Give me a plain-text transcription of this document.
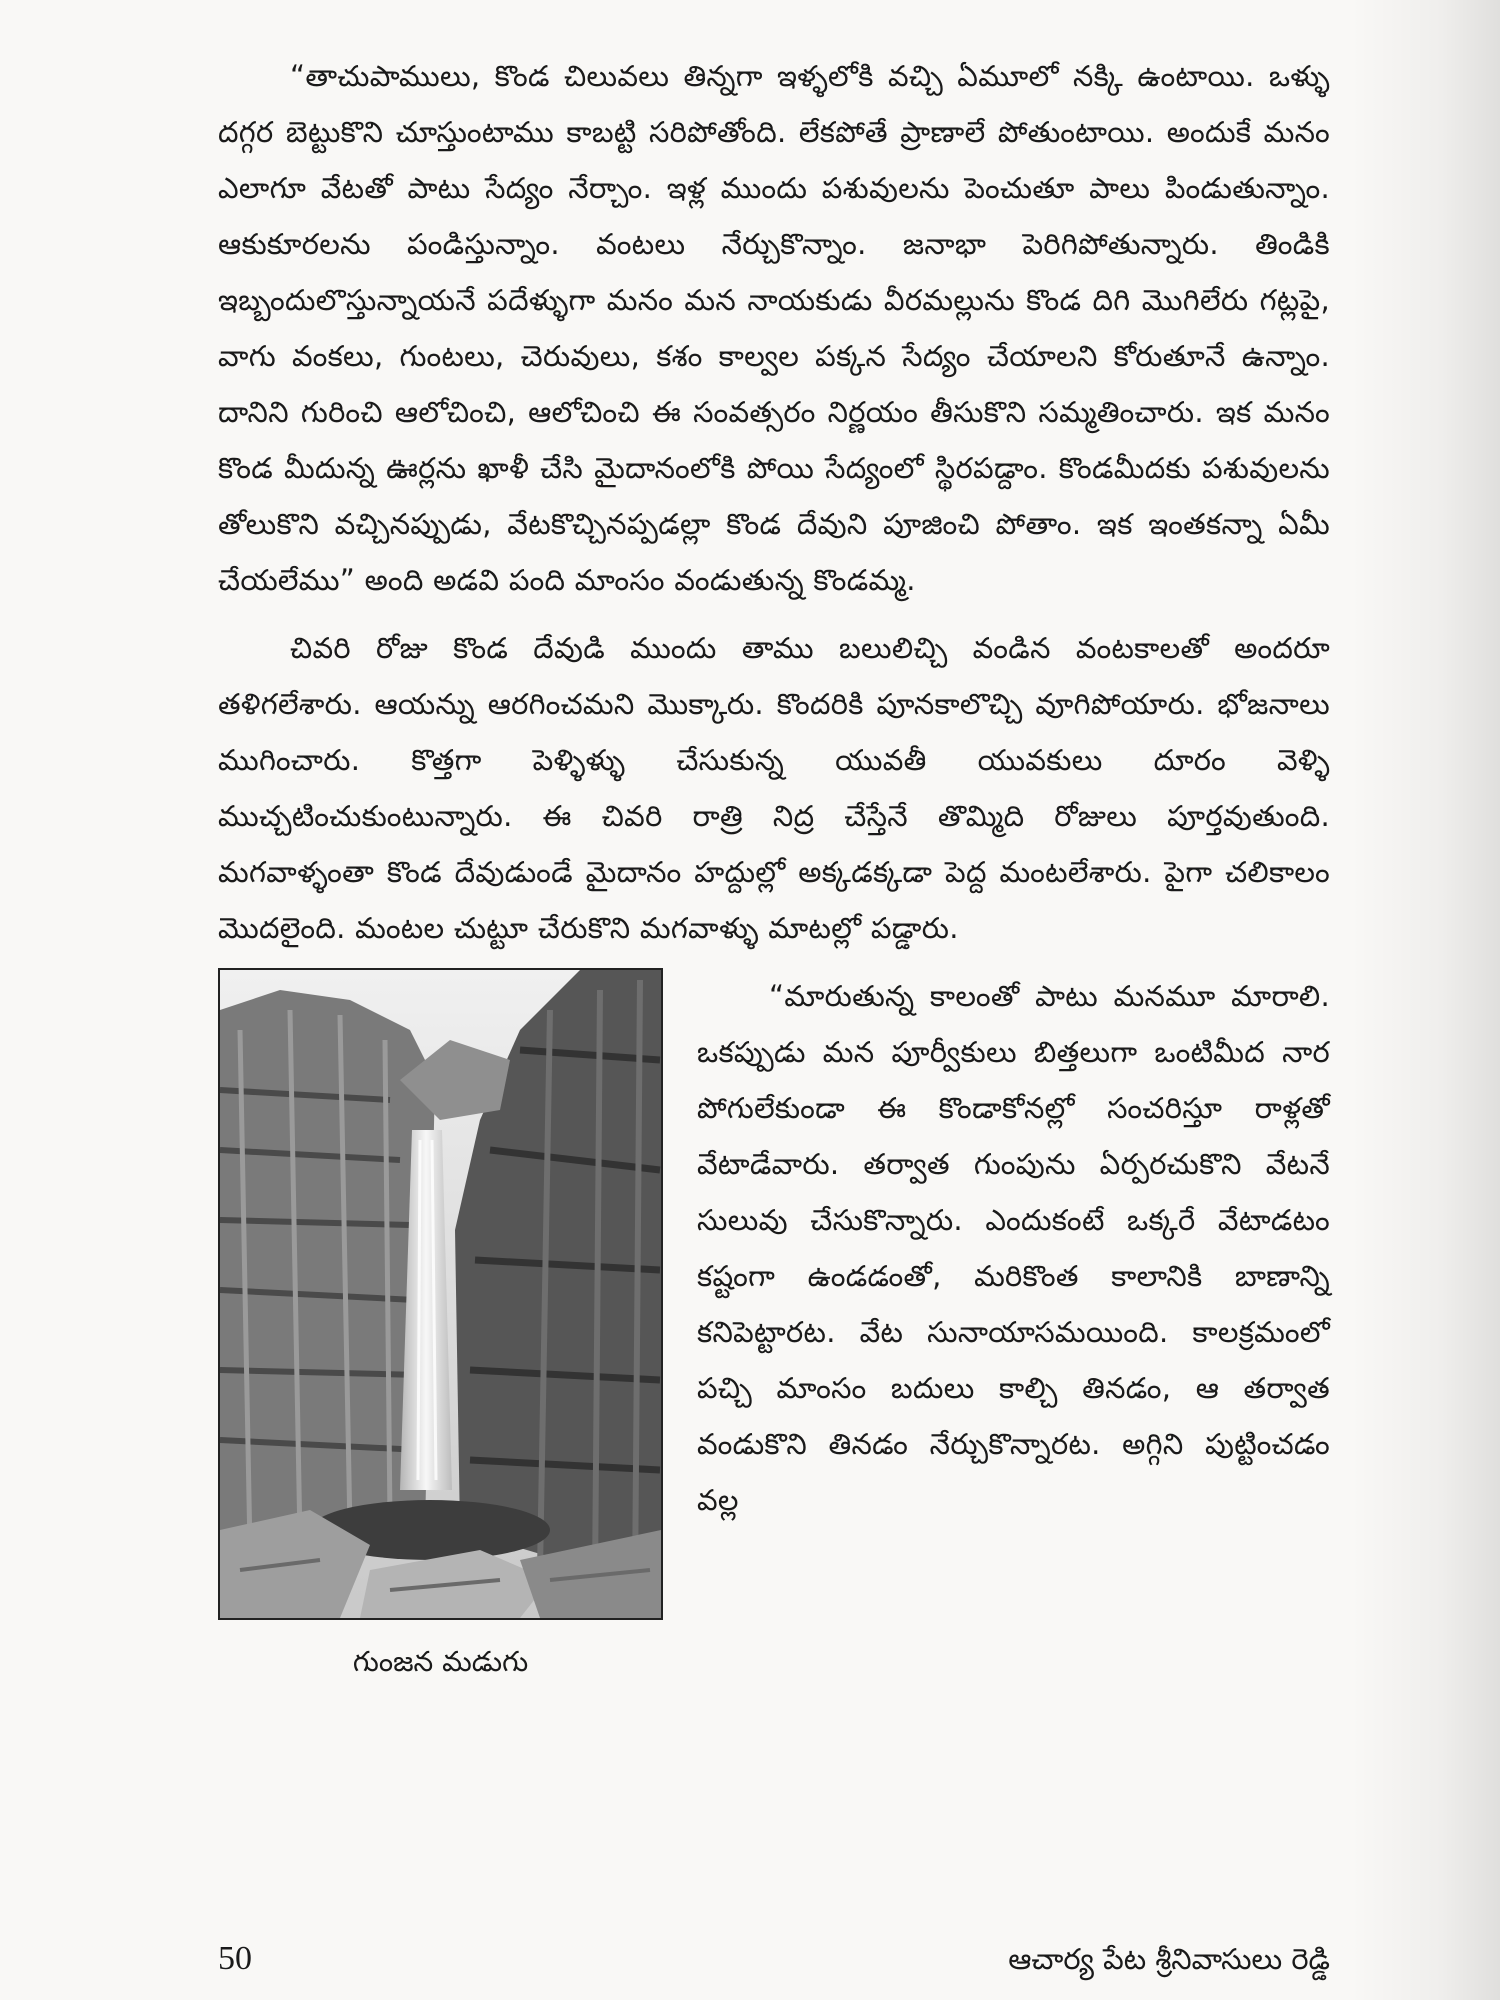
“తాచుపాములు, కొండ చిలువలు తిన్నగా ఇళ్ళలోకి వచ్చి ఏమూలో నక్కి ఉంటాయి. ఒళ్ళు దగ్గర బెట్టుకొని చూస్తుంటాము కాబట్టి సరిపోతోంది. లేకపోతే ప్రాణాలే పోతుంటాయి. అందుకే మనం ఎలాగూ వేటతో పాటు సేద్యం నేర్చాం. ఇళ్ల ముందు పశువులను పెంచుతూ పాలు పిండుతున్నాం. ఆకుకూరలను పండిస్తున్నాం. వంటలు నేర్చుకొన్నాం. జనాభా పెరిగిపోతున్నారు. తిండికి ఇబ్బందులొస్తున్నాయనే పదేళ్ళుగా మనం మన నాయకుడు వీరమల్లును కొండ దిగి మొగిలేరు గట్లపై, వాగు వంకలు, గుంటలు, చెరువులు, కశం కాల్వల పక్కన సేద్యం చేయాలని కోరుతూనే ఉన్నాం. దానిని గురించి ఆలోచించి, ఆలోచించి ఈ సంవత్సరం నిర్ణయం తీసుకొని సమ్మతించారు. ఇక మనం కొండ మీదున్న ఊర్లను ఖాళీ చేసి మైదానంలోకి పోయి సేద్యంలో స్థిరపడ్దాం. కొండమీదకు పశువులను తోలుకొని వచ్చినప్పుడు, వేటకొచ్చినప్పడల్లా కొండ దేవుని పూజించి పోతాం. ఇక ఇంతకన్నా ఏమీ చేయలేము” అంది అడవి పంది మాంసం వండుతున్న కొండమ్మ.

చివరి రోజు కొండ దేవుడి ముందు తాము బలులిచ్చి వండిన వంటకాలతో అందరూ తళిగలేశారు. ఆయన్ను ఆరగించమని మొక్కారు. కొందరికి పూనకాలొచ్చి వూగిపోయారు. భోజనాలు ముగించారు. కొత్తగా పెళ్ళిళ్ళు చేసుకున్న యువతీ యువకులు దూరం వెళ్ళి ముచ్చటించుకుంటున్నారు. ఈ చివరి రాత్రి నిద్ర చేస్తేనే తొమ్మిది రోజులు పూర్తవుతుంది. మగవాళ్ళంతా కొండ దేవుడుండే మైదానం హద్దుల్లో అక్కడక్కడా పెద్ద మంటలేశారు. పైగా చలికాలం మొదలైంది. మంటల చుట్టూ చేరుకొని మగవాళ్ళు మాటల్లో పడ్డారు.

గుంజన మడుగు

“మారుతున్న కాలంతో పాటు మనమూ మారాలి. ఒకప్పుడు మన పూర్వీకులు బిత్తలుగా ఒంటిమీద నార పోగులేకుండా ఈ కొండాకోనల్లో సంచరిస్తూ రాళ్లతో వేటాడేవారు. తర్వాత గుంపును ఏర్పరచుకొని వేటనే సులువు చేసుకొన్నారు. ఎందుకంటే ఒక్కరే వేటాడటం కష్టంగా ఉండడంతో, మరికొంత కాలానికి బాణాన్ని కనిపెట్టారట. వేట సునాయాసమయింది. కాలక్రమంలో పచ్చి మాంసం బదులు కాల్చి తినడం, ఆ తర్వాత వండుకొని తినడం నేర్చుకొన్నారట. అగ్గిని పుట్టించడం వల్ల

50	ఆచార్య పేట శ్రీనివాసులు రెడ్డి
